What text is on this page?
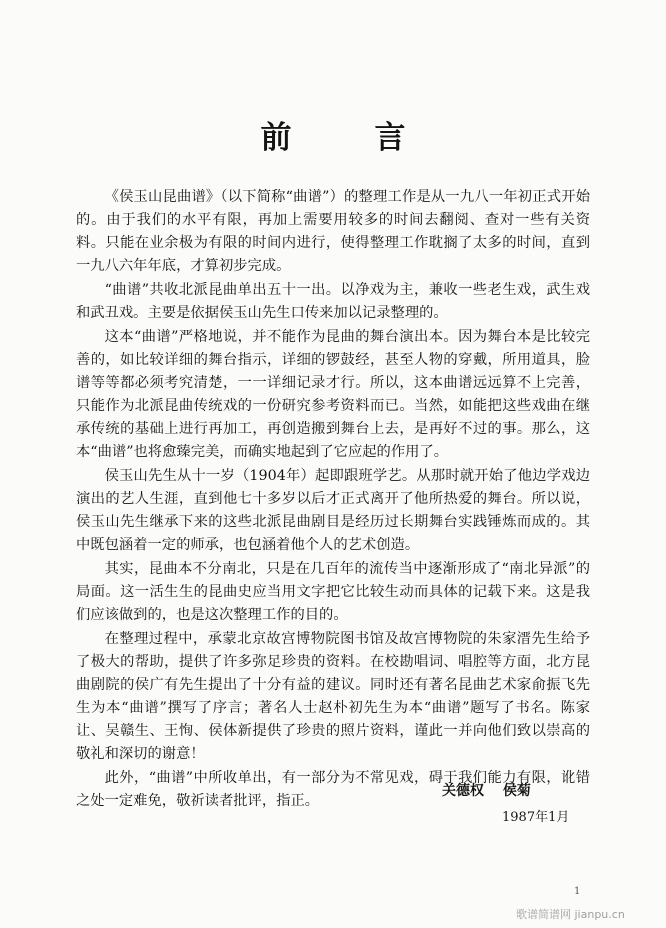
前　言

《侯玉山昆曲谱》（以下简称“曲谱”）的整理工作是从一九八一年初正式开始的。由于我们的水平有限，再加上需要用较多的时间去翻阅、查对一些有关资料。只能在业余极为有限的时间内进行，使得整理工作耽搁了太多的时间，直到一九八六年年底，才算初步完成。

“曲谱”共收北派昆曲单出五十一出。以净戏为主，兼收一些老生戏，武生戏和武丑戏。主要是依据侯玉山先生口传来加以记录整理的。

这本“曲谱”严格地说，并不能作为昆曲的舞台演出本。因为舞台本是比较完善的，如比较详细的舞台指示，详细的锣鼓经，甚至人物的穿戴，所用道具，脸谱等等都必须考究清楚，一一详细记录才行。所以，这本曲谱远远算不上完善，只能作为北派昆曲传统戏的一份研究参考资料而已。当然，如能把这些戏曲在继承传统的基础上进行再加工，再创造搬到舞台上去，是再好不过的事。那么，这本“曲谱”也将愈臻完美，而确实地起到了它应起的作用了。

侯玉山先生从十一岁（1904年）起即跟班学艺。从那时就开始了他边学戏边演出的艺人生涯，直到他七十多岁以后才正式离开了他所热爱的舞台。所以说，侯玉山先生继承下来的这些北派昆曲剧目是经历过长期舞台实践锤炼而成的。其中既包涵着一定的师承，也包涵着他个人的艺术创造。

其实，昆曲本不分南北，只是在几百年的流传当中逐渐形成了“南北异派”的局面。这一活生生的昆曲史应当用文字把它比较生动而具体的记载下来。这是我们应该做到的，也是这次整理工作的目的。

在整理过程中，承蒙北京故宫博物院图书馆及故宫博物院的朱家溍先生给予了极大的帮助，提供了许多弥足珍贵的资料。在校勘唱词、唱腔等方面，北方昆曲剧院的侯广有先生提出了十分有益的建议。同时还有著名昆曲艺术家俞振飞先生为本“曲谱”撰写了序言；著名人士赵朴初先生为本“曲谱”题写了书名。陈家让、吴赣生、王恂、侯体新提供了珍贵的照片资料，谨此一并向他们致以崇高的敬礼和深切的谢意！

此外，“曲谱”中所收单出，有一部分为不常见戏，碍于我们能力有限，讹错之处一定难免，敬祈读者批评，指正。

关德权 侯菊
1987年1月
1
歌谱简谱网 jianpu.cn
